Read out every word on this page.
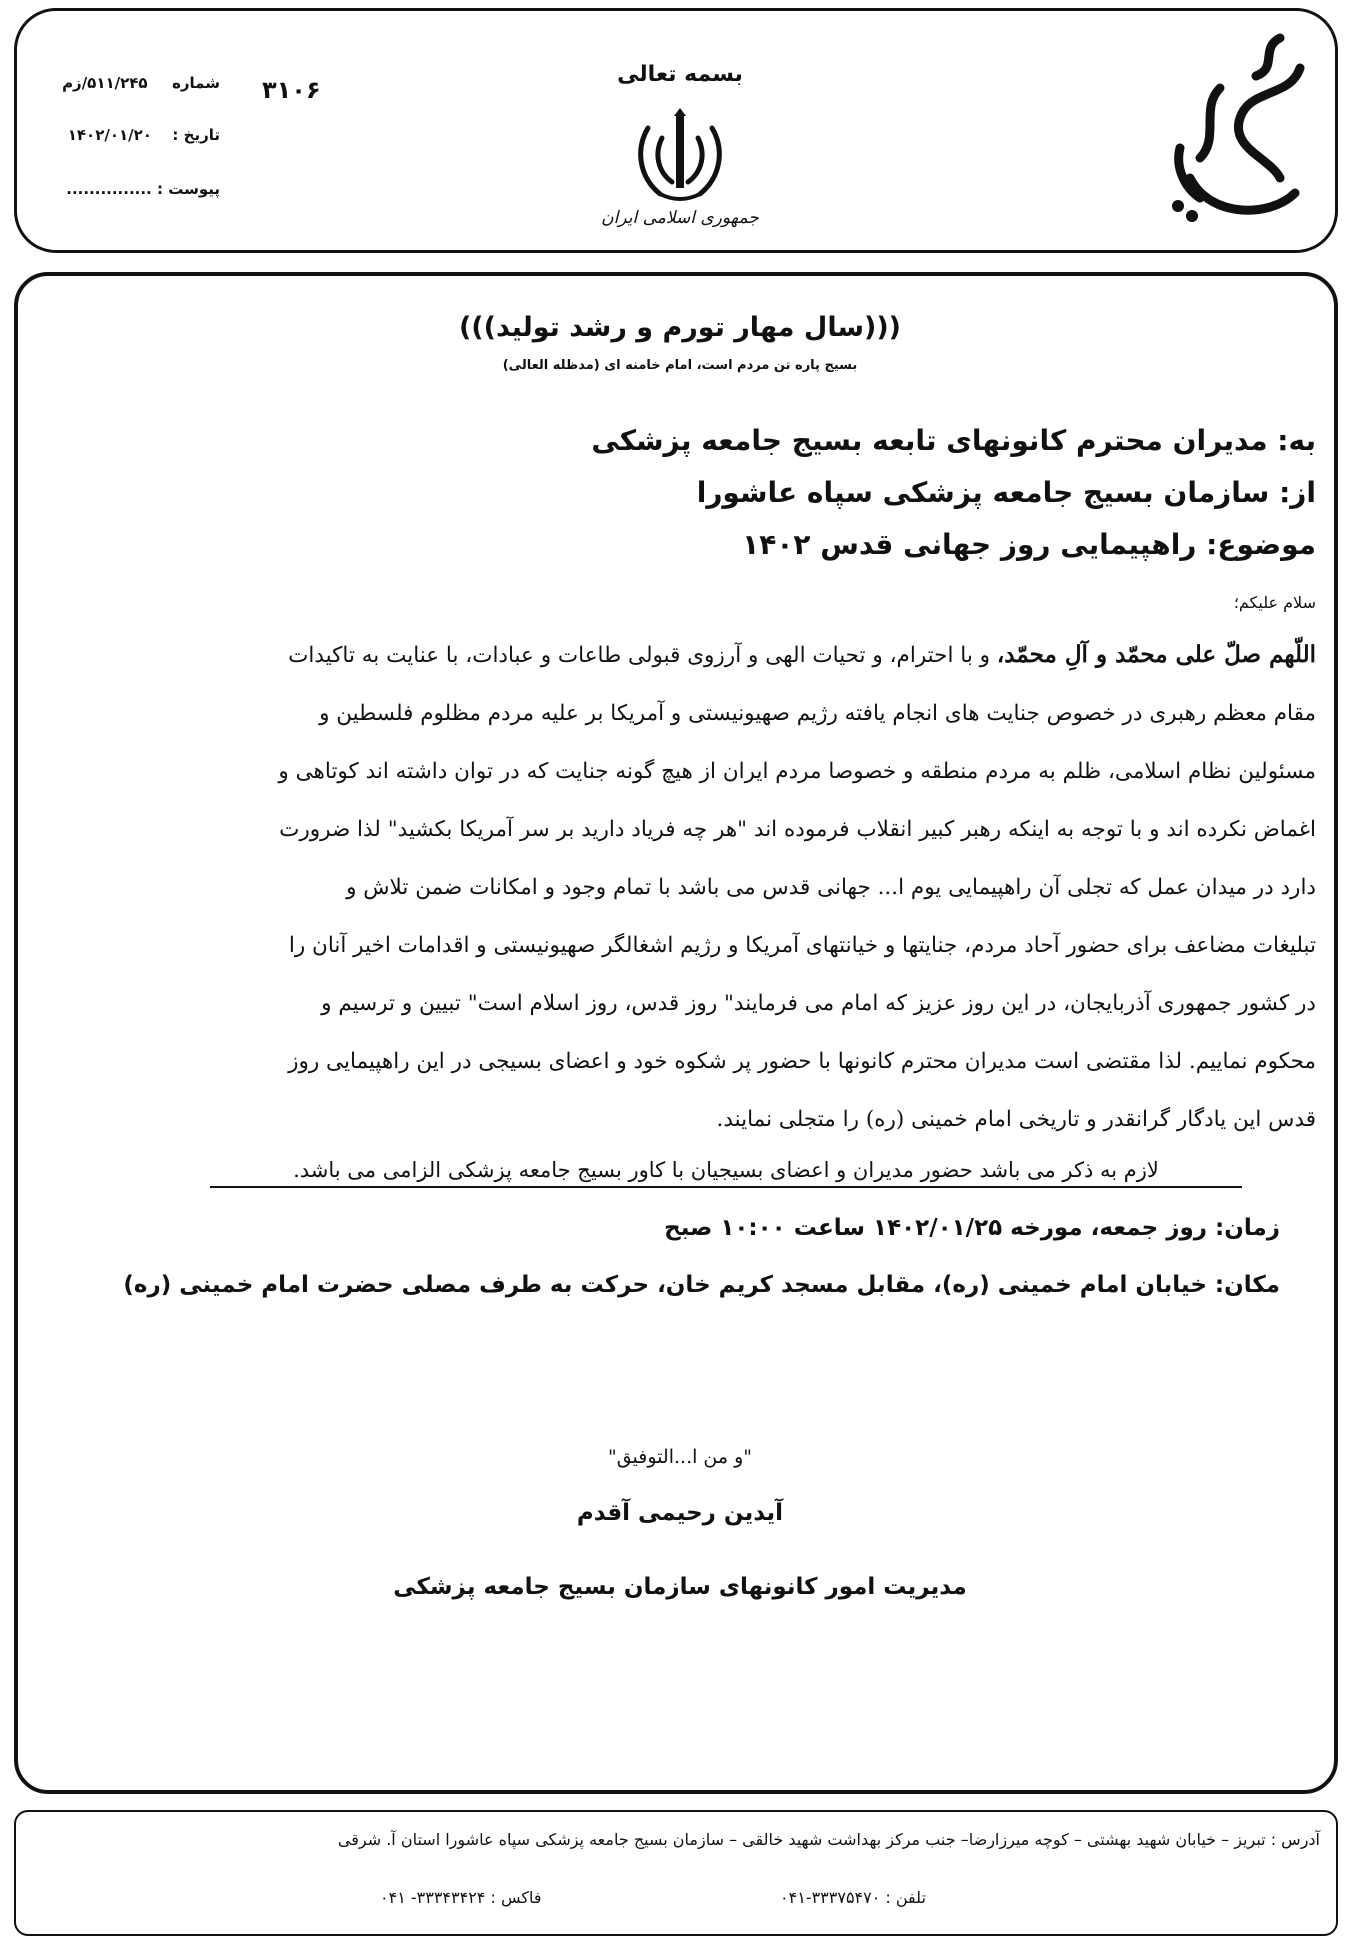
بسمه تعالی
جمهوری اسلامی ایران
شماره  ۵۱۱/۲۴۵/زم
تاریخ :  ۱۴۰۲/۰۱/۲۰
پیوست : ...............
۳۱۰۶
(((سال مهار تورم و رشد تولید)))
بسیج پاره تن مردم است، امام خامنه ای (مدظله العالی)
به: مدیران محترم کانونهای تابعه بسیج جامعه پزشکی
از: سازمان بسیج جامعه پزشکی سپاه عاشورا
موضوع: راهپیمایی روز جهانی قدس ۱۴۰۲
سلام علیکم؛
اللّهم صلّ علی محمّد و آلِ محمّد، و با احترام، و تحیات الهی و آرزوی قبولی طاعات و عبادات، با عنایت به تاکیدات
مقام معظم رهبری در خصوص جنایت های انجام یافته رژیم صهیونیستی و آمریکا بر علیه مردم مظلوم فلسطین و
مسئولین نظام اسلامی، ظلم به مردم منطقه و خصوصا مردم ایران از هیچ گونه جنایت که در توان داشته اند کوتاهی و
اغماض نکرده اند و با توجه به اینکه رهبر کبیر انقلاب فرموده اند "هر چه فریاد دارید بر سر آمریکا بکشید" لذا ضرورت
دارد در میدان عمل که تجلی آن راهپیمایی یوم ا... جهانی قدس می باشد با تمام وجود و امکانات ضمن تلاش و
تبلیغات مضاعف برای حضور آحاد مردم، جنایتها و خیانتهای آمریکا و رژیم اشغالگر صهیونیستی و اقدامات اخیر آنان را
در کشور جمهوری آذربایجان، در این روز عزیز که امام می فرمایند" روز قدس، روز اسلام است" تبیین و ترسیم و
محکوم نماییم. لذا مقتضی است مدیران محترم کانونها با حضور پر شکوه خود و اعضای بسیجی در این راهپیمایی روز
قدس این یادگار گرانقدر و تاریخی امام خمینی (ره) را متجلی نمایند.
لازم به ذکر می باشد حضور مدیران و اعضای بسیجیان با کاور بسیج جامعه پزشکی الزامی می باشد.
زمان: روز جمعه، مورخه ۱۴۰۲/۰۱/۲۵ ساعت ۱۰:۰۰ صبح
مکان: خیابان امام خمینی (ره)، مقابل مسجد کریم خان، حرکت به طرف مصلی حضرت امام خمینی (ره)
"و من ا...التوفیق"
آیدین رحیمی آقدم
مدیریت امور کانونهای سازمان بسیج جامعه پزشکی
آدرس : تبریز – خیابان شهید بهشتی – کوچه میرزارضا– جنب مرکز بهداشت شهید خالقی – سازمان بسیج جامعه پزشکی سپاه عاشورا استان آ. شرقی
تلفن : ۳۳۳۷۵۴۷۰-۰۴۱
فاکس : ۳۳۳۴۳۴۲۴- ۰۴۱
